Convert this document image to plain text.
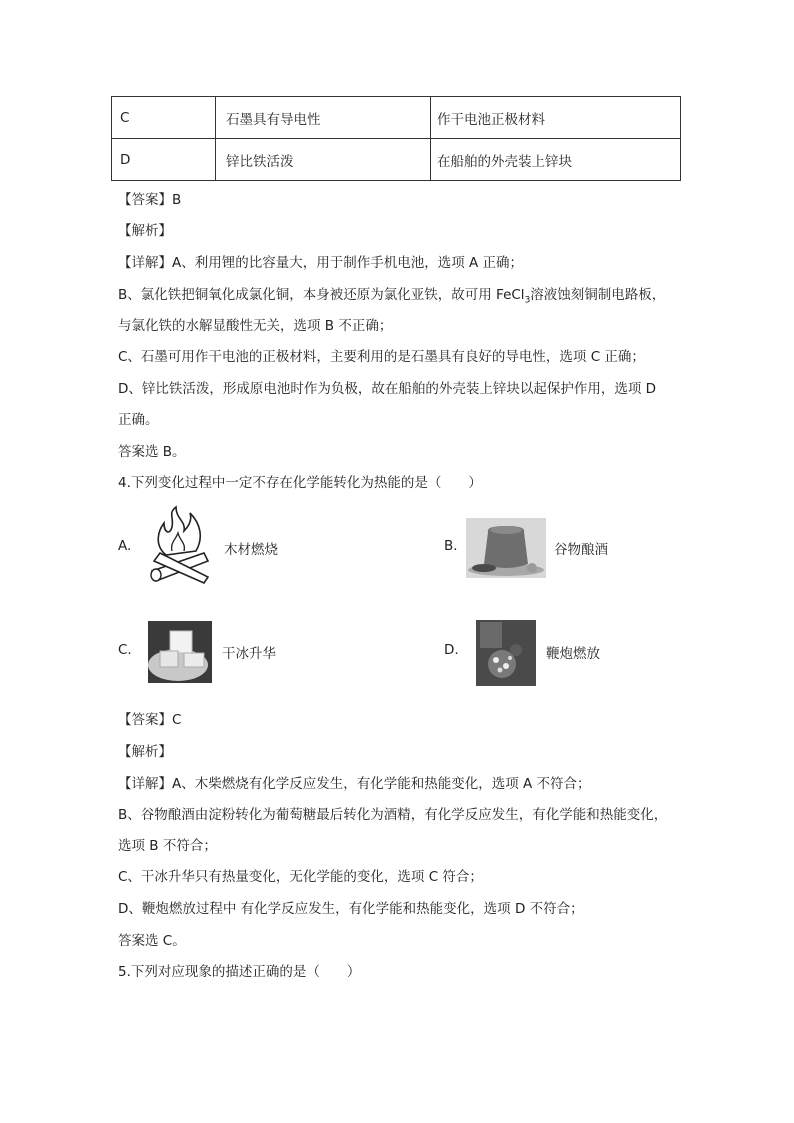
C	石墨具有导电性	作干电池正极材料
D	锌比铁活泼	在船舶的外壳装上锌块
【答案】B
【解析】
【详解】A、利用锂的比容量大，用于制作手机电池，选项 A 正确；
B、氯化铁把铜氧化成氯化铜，本身被还原为氯化亚铁，故可用 FeCl$_3$溶液蚀刻铜制电路板，
与氯化铁的水解显酸性无关，选项 B 不正确；
C、石墨可用作干电池的正极材料，主要利用的是石墨具有良好的导电性，选项 C 正确；
D、锌比铁活泼，形成原电池时作为负极，故在船舶的外壳装上锌块以起保护作用，选项 D
正确。
答案选 B。
4.下列变化过程中一定不存在化学能转化为热能的是（　　）
A.	木材燃烧	B.	谷物酿酒
C.	干冰升华	D.	鞭炮燃放
【答案】C
【解析】
【详解】A、木柴燃烧有化学反应发生，有化学能和热能变化，选项 A 不符合；
B、谷物酿酒由淀粉转化为葡萄糖最后转化为酒精，有化学反应发生，有化学能和热能变化，
选项 B 不符合；
C、干冰升华只有热量变化，无化学能的变化，选项 C 符合；
D、鞭炮燃放过程中 有化学反应发生，有化学能和热能变化，选项 D 不符合；
答案选 C。
5.下列对应现象的描述正确的是（　　）
